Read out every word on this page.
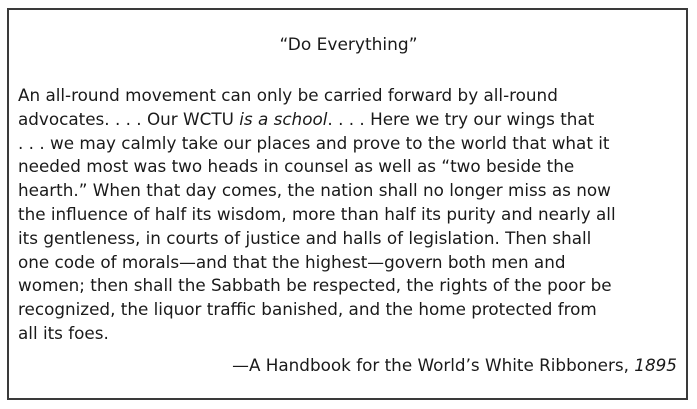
“Do Everything”
An all-round movement can only be carried forward by all-round
advocates. . . . Our WCTU is a school. . . . Here we try our wings that
. . . we may calmly take our places and prove to the world that what it
needed most was two heads in counsel as well as “two beside the
hearth.” When that day comes, the nation shall no longer miss as now
the influence of half its wisdom, more than half its purity and nearly all
its gentleness, in courts of justice and halls of legislation. Then shall
one code of morals—and that the highest—govern both men and
women; then shall the Sabbath be respected, the rights of the poor be
recognized, the liquor traffic banished, and the home protected from
all its foes.
—A Handbook for the World’s White Ribboners, 1895
